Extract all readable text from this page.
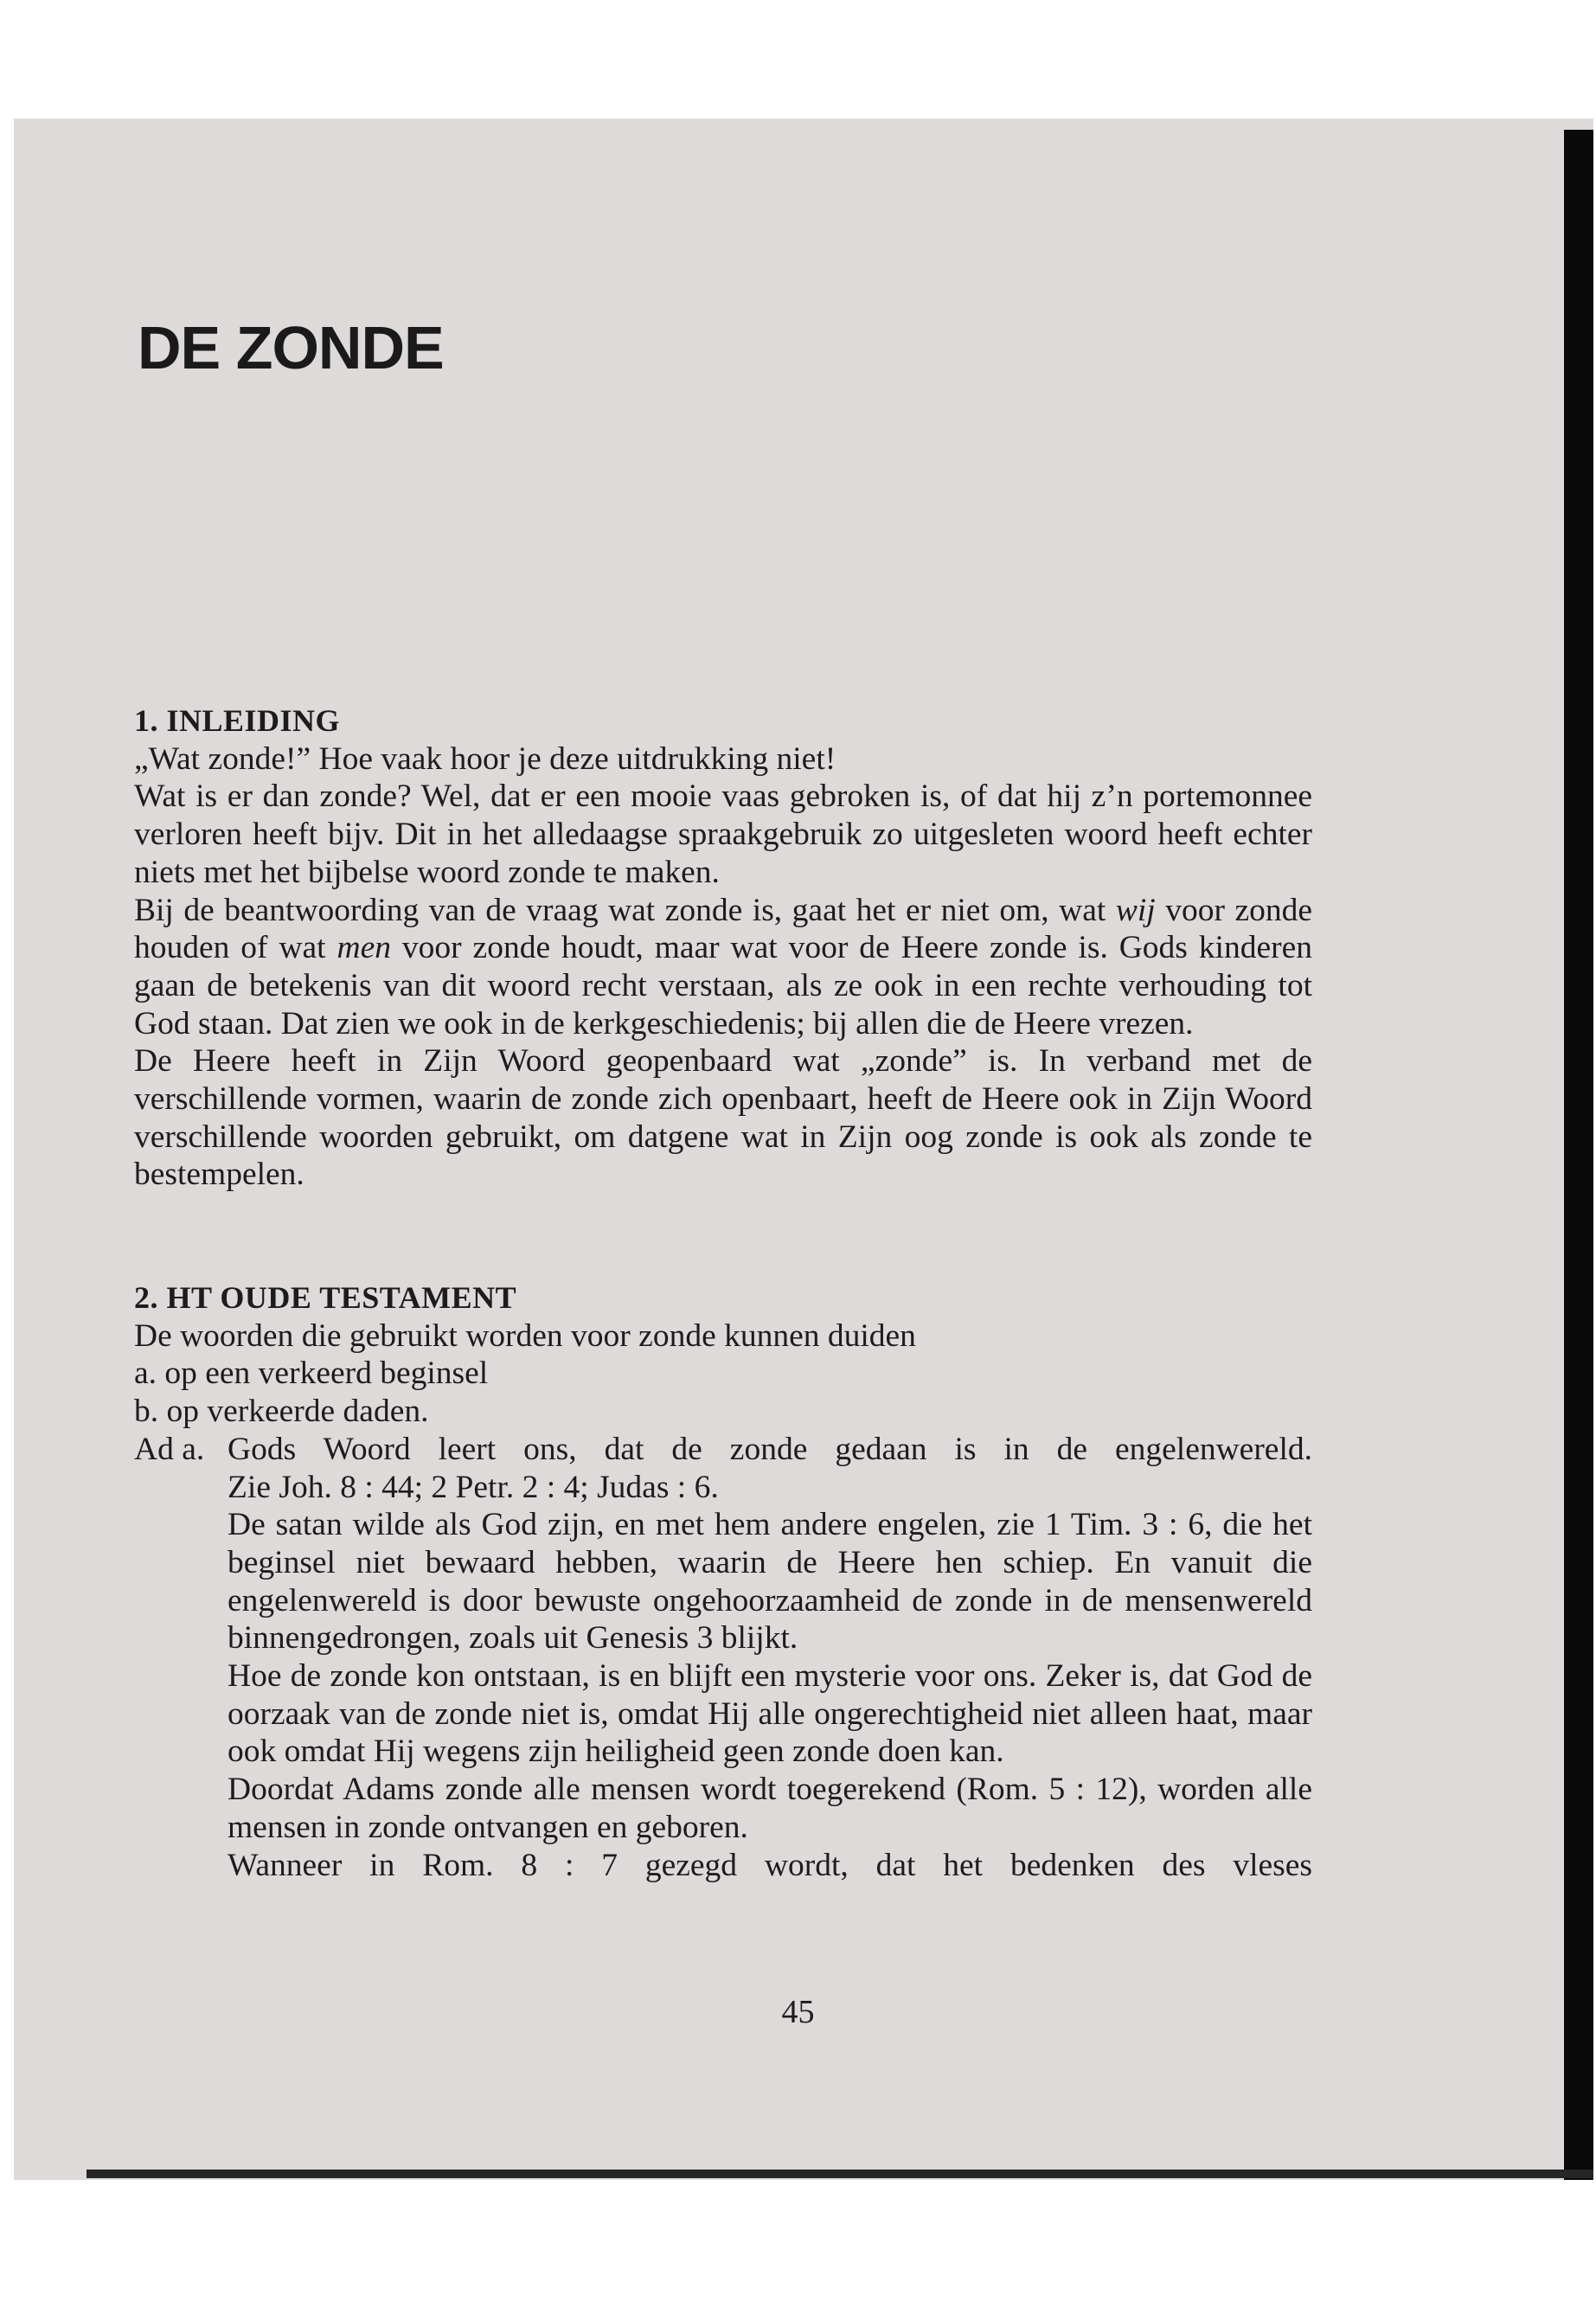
DE ZONDE
1. INLEIDING

„Wat zonde!” Hoe vaak hoor je deze uitdrukking niet!

Wat is er dan zonde? Wel, dat er een mooie vaas gebroken is, of dat hij z’n portemonnee verloren heeft bijv. Dit in het alledaagse spraakgebruik zo uitgesleten woord heeft echter niets met het bijbelse woord zonde te maken.

Bij de beantwoording van de vraag wat zonde is, gaat het er niet om, wat wij voor zonde houden of wat men voor zonde houdt, maar wat voor de Heere zonde is. Gods kinderen gaan de betekenis van dit woord recht verstaan, als ze ook in een rechte verhouding tot God staan. Dat zien we ook in de kerkgeschiedenis; bij allen die de Heere vrezen.

De Heere heeft in Zijn Woord geopenbaard wat „zonde” is. In verband met de verschillende vormen, waarin de zonde zich openbaart, heeft de Heere ook in Zijn Woord verschillende woorden gebruikt, om datgene wat in Zijn oog zonde is ook als zonde te bestempelen.

2. HT OUDE TESTAMENT

De woorden die gebruikt worden voor zonde kunnen duiden

a. op een verkeerd beginsel

b. op verkeerde daden.

Ad a. Gods Woord leert ons, dat de zonde gedaan is in de engelenwereld.

Zie Joh. 8 : 44; 2 Petr. 2 : 4; Judas : 6.

De satan wilde als God zijn, en met hem andere engelen, zie 1 Tim. 3 : 6, die het beginsel niet bewaard hebben, waarin de Heere hen schiep. En vanuit die engelenwereld is door bewuste ongehoorzaamheid de zonde in de mensenwereld binnengedrongen, zoals uit Genesis 3 blijkt.

Hoe de zonde kon ontstaan, is en blijft een mysterie voor ons. Zeker is, dat God de oorzaak van de zonde niet is, omdat Hij alle ongerechtigheid niet alleen haat, maar ook omdat Hij wegens zijn heiligheid geen zonde doen kan.

Doordat Adams zonde alle mensen wordt toegerekend (Rom. 5 : 12), worden alle mensen in zonde ontvangen en geboren.

Wanneer in Rom. 8 : 7 gezegd wordt, dat het bedenken des vleses

45
